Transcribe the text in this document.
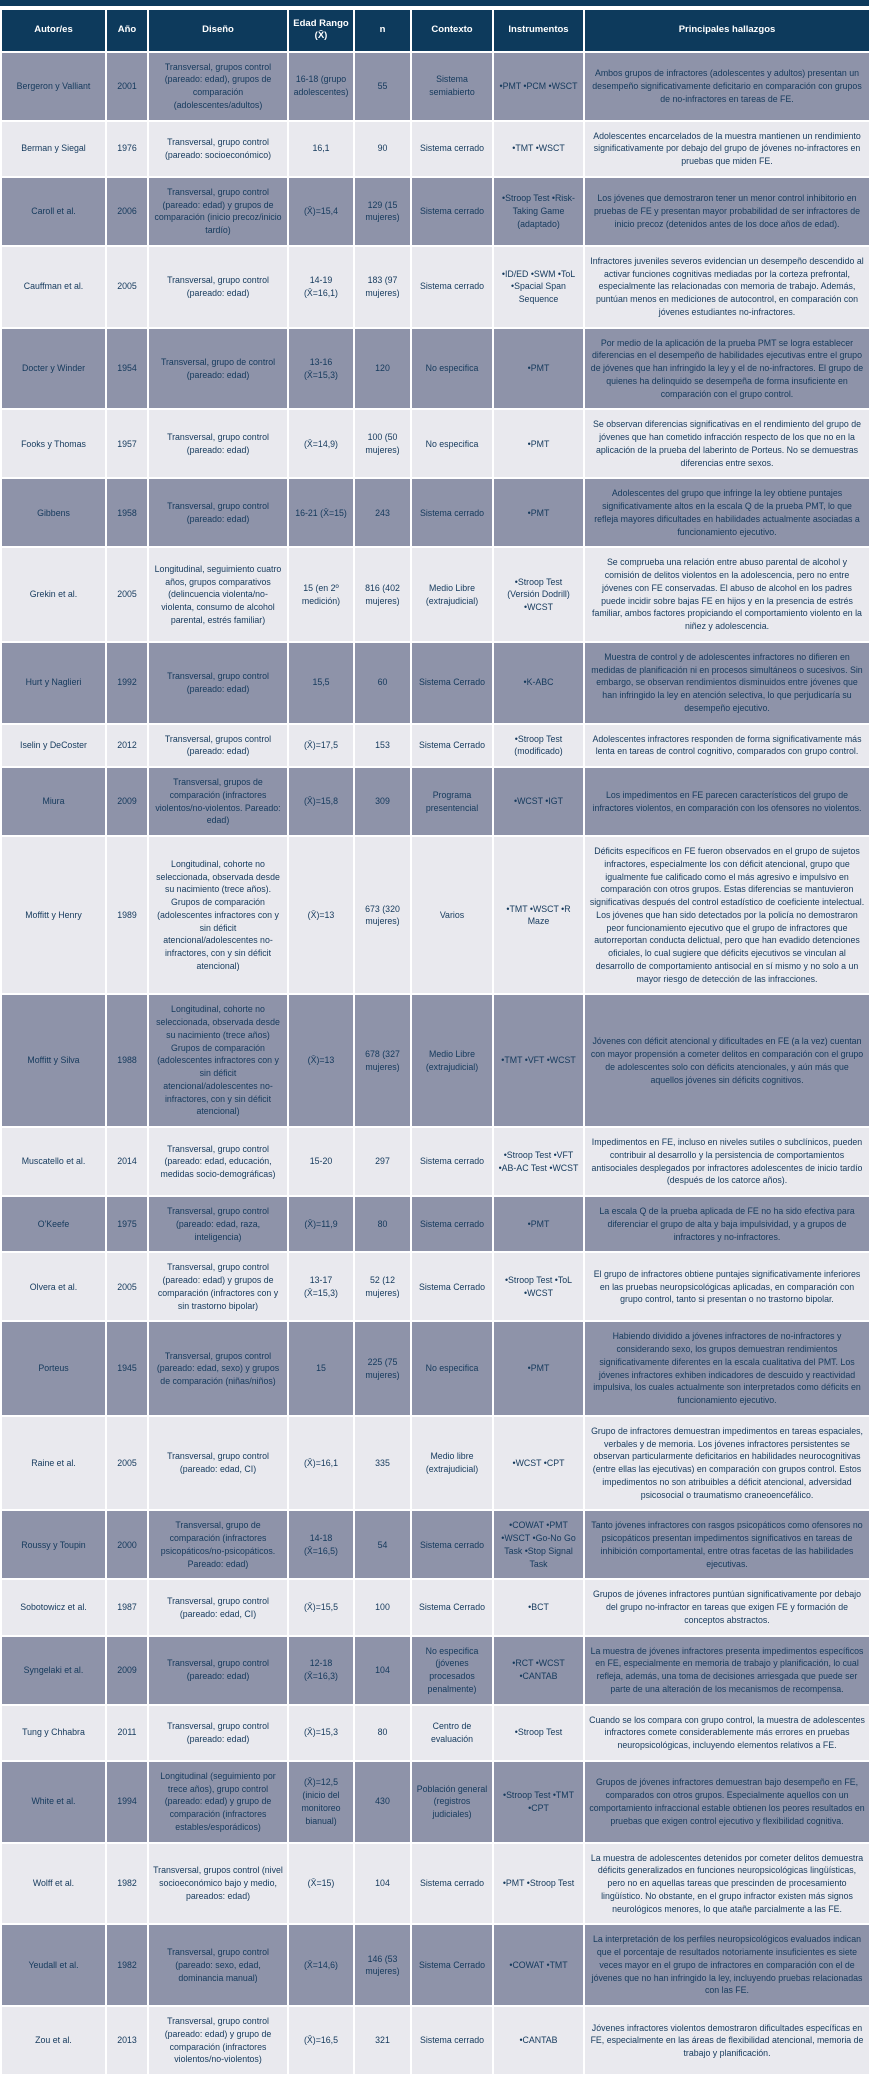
Autor/es	Año	Diseño	Edad Rango (X̄)	n	Contexto	Instrumentos	Principales hallazgos
Bergeron y Valliant	2001	Transversal, grupos control (pareado: edad), grupos de comparación (adolescentes/adultos)	16-18 (grupo adolescentes)	55	Sistema semiabierto	•PMT •PCM •WSCT	Ambos grupos de infractores (adolescentes y adultos) presentan un desempeño significativamente deficitario en comparación con grupos de no-infractores en tareas de FE.
Berman y Siegal	1976	Transversal, grupo control (pareado: socioeconómico)	16,1	90	Sistema cerrado	•TMT •WSCT	Adolescentes encarcelados de la muestra mantienen un rendimiento significativamente por debajo del grupo de jóvenes no-infractores en pruebas que miden FE.
Caroll et al.	2006	Transversal, grupo control (pareado: edad) y grupos de comparación (inicio precoz/inicio tardío)	(X̄)=15,4	129 (15 mujeres)	Sistema cerrado	•Stroop Test •Risk-Taking Game (adaptado)	Los jóvenes que demostraron tener un menor control inhibitorio en pruebas de FE y presentan mayor probabilidad de ser infractores de inicio precoz (detenidos antes de los doce años de edad).
Cauffman et al.	2005	Transversal, grupo control (pareado: edad)	14-19 (X̄=16,1)	183 (97 mujeres)	Sistema cerrado	•ID/ED •SWM •ToL •Spacial Span Sequence	Infractores juveniles severos evidencian un desempeño descendido al activar funciones cognitivas mediadas por la corteza prefrontal, especialmente las relacionadas con memoria de trabajo. Además, puntúan menos en mediciones de autocontrol, en comparación con jóvenes estudiantes no-infractores.
Docter y Winder	1954	Transversal, grupo de control (pareado: edad)	13-16 (X̄=15,3)	120	No especifica	•PMT	Por medio de la aplicación de la prueba PMT se logra establecer diferencias en el desempeño de habilidades ejecutivas entre el grupo de jóvenes que han infringido la ley y el de no-infractores. El grupo de quienes ha delinquido se desempeña de forma insuficiente en comparación con el grupo control.
Fooks y Thomas	1957	Transversal, grupo control (pareado: edad)	(X̄=14,9)	100 (50 mujeres)	No especifica	•PMT	Se observan diferencias significativas en el rendimiento del grupo de jóvenes que han cometido infracción respecto de los que no en la aplicación de la prueba del laberinto de Porteus. No se demuestras diferencias entre sexos.
Gibbens	1958	Transversal, grupo control (pareado: edad)	16-21 (X̄=15)	243	Sistema cerrado	•PMT	Adolescentes del grupo que infringe la ley obtiene puntajes significativamente altos en la escala Q de la prueba PMT, lo que refleja mayores dificultades en habilidades actualmente asociadas a funcionamiento ejecutivo.
Grekin et al.	2005	Longitudinal, seguimiento cuatro años, grupos comparativos (delincuencia violenta/no-violenta, consumo de alcohol parental, estrés familiar)	15 (en 2º medición)	816 (402 mujeres)	Medio Libre (extrajudicial)	•Stroop Test (Versión Dodrill) •WCST	Se comprueba una relación entre abuso parental de alcohol y comisión de delitos violentos en la adolescencia, pero no entre jóvenes con FE conservadas. El abuso de alcohol en los padres puede incidir sobre bajas FE en hijos y en la presencia de estrés familiar, ambos factores propiciando el comportamiento violento en la niñez y adolescencia.
Hurt y Naglieri	1992	Transversal, grupo control (pareado: edad)	15,5	60	Sistema Cerrado	•K-ABC	Muestra de control y de adolescentes infractores no difieren en medidas de planificación ni en procesos simultáneos o sucesivos. Sin embargo, se observan rendimientos disminuidos entre jóvenes que han infringido la ley en atención selectiva, lo que perjudicaría su desempeño ejecutivo.
Iselin y DeCoster	2012	Transversal, grupos control (pareado: edad)	(X̄)=17,5	153	Sistema Cerrado	•Stroop Test (modificado)	Adolescentes infractores responden de forma significativamente más lenta en tareas de control cognitivo, comparados con grupo control.
Miura	2009	Transversal, grupos de comparación (infractores violentos/no-violentos. Pareado: edad)	(X̄)=15,8	309	Programa presentencial	•WCST •IGT	Los impedimentos en FE parecen característicos del grupo de infractores violentos, en comparación con los ofensores no violentos.
Moffitt y Henry	1989	Longitudinal, cohorte no seleccionada, observada desde su nacimiento (trece años). Grupos de comparación (adolescentes infractores con y sin déficit atencional/adolescentes no-infractores, con y sin déficit atencional)	(X̄)=13	673 (320 mujeres)	Varios	•TMT •WSCT •R Maze	Déficits específicos en FE fueron observados en el grupo de sujetos infractores, especialmente los con déficit atencional, grupo que igualmente fue calificado como el más agresivo e impulsivo en comparación con otros grupos. Estas diferencias se mantuvieron significativas después del control estadístico de coeficiente intelectual. Los jóvenes que han sido detectados por la policía no demostraron peor funcionamiento ejecutivo que el grupo de infractores que autorreportan conducta delictual, pero que han evadido detenciones oficiales, lo cual sugiere que déficits ejecutivos se vinculan al desarrollo de comportamiento antisocial en sí mismo y no solo a un mayor riesgo de detección de las infracciones.
Moffitt y Silva	1988	Longitudinal, cohorte no seleccionada, observada desde su nacimiento (trece años) Grupos de comparación (adolescentes infractores con y sin déficit atencional/adolescentes no-infractores, con y sin déficit atencional)	(X̄)=13	678 (327 mujeres)	Medio Libre (extrajudicial)	•TMT •VFT •WCST	Jóvenes con déficit atencional y dificultades en FE (a la vez) cuentan con mayor propensión a cometer delitos en comparación con el grupo de adolescentes solo con déficits atencionales, y aún más que aquellos jóvenes sin déficits cognitivos.
Muscatello et al.	2014	Transversal, grupo control (pareado: edad, educación, medidas socio-demográficas)	15-20	297	Sistema cerrado	•Stroop Test •VFT •AB-AC Test •WCST	Impedimentos en FE, incluso en niveles sutiles o subclínicos, pueden contribuir al desarrollo y la persistencia de comportamientos antisociales desplegados por infractores adolescentes de inicio tardío (después de los catorce años).
O'Keefe	1975	Transversal, grupo control (pareado: edad, raza, inteligencia)	(X̄)=11,9	80	Sistema cerrado	•PMT	La escala Q de la prueba aplicada de FE no ha sido efectiva para diferenciar el grupo de alta y baja impulsividad, y a grupos de infractores y no-infractores.
Olvera et al.	2005	Transversal, grupo control (pareado: edad) y grupos de comparación (infractores con y sin trastorno bipolar)	13-17 (X̄=15,3)	52 (12 mujeres)	Sistema Cerrado	•Stroop Test •ToL •WCST	El grupo de infractores obtiene puntajes significativamente inferiores en las pruebas neuropsicológicas aplicadas, en comparación con grupo control, tanto si presentan o no trastorno bipolar.
Porteus	1945	Transversal, grupos control (pareado: edad, sexo) y grupos de comparación (niñas/niños)	15	225 (75 mujeres)	No especifica	•PMT	Habiendo dividido a jóvenes infractores de no-infractores y considerando sexo, los grupos demuestran rendimientos significativamente diferentes en la escala cualitativa del PMT. Los jóvenes infractores exhiben indicadores de descuido y reactividad impulsiva, los cuales actualmente son interpretados como déficits en funcionamiento ejecutivo.
Raine et al.	2005	Transversal, grupo control (pareado: edad, CI)	(X̄)=16,1	335	Medio libre (extrajudicial)	•WCST •CPT	Grupo de infractores demuestran impedimentos en tareas espaciales, verbales y de memoria. Los jóvenes infractores persistentes se observan particularmente deficitarios en habilidades neurocognitivas (entre ellas las ejecutivas) en comparación con grupos control. Estos impedimentos no son atribuibles a déficit atencional, adversidad psicosocial o traumatismo craneoencefálico.
Roussy y Toupin	2000	Transversal, grupo de comparación (infractores psicopáticos/no-psicopáticos. Pareado: edad)	14-18 (X̄=16,5)	54	Sistema cerrado	•COWAT •PMT •WSCT •Go-No Go Task •Stop Signal Task	Tanto jóvenes infractores con rasgos psicopáticos como ofensores no psicopáticos presentan impedimentos significativos en tareas de inhibición comportamental, entre otras facetas de las habilidades ejecutivas.
Sobotowicz et al.	1987	Transversal, grupo control (pareado: edad, CI)	(X̄)=15,5	100	Sistema Cerrado	•BCT	Grupos de jóvenes infractores puntúan significativamente por debajo del grupo no-infractor en tareas que exigen FE y formación de conceptos abstractos.
Syngelaki et al.	2009	Transversal, grupo control (pareado: edad)	12-18 (X̄=16,3)	104	No especifica (jóvenes procesados penalmente)	•RCT •WCST •CANTAB	La muestra de jóvenes infractores presenta impedimentos específicos en FE, especialmente en memoria de trabajo y planificación, lo cual refleja, además, una toma de decisiones arriesgada que puede ser parte de una alteración de los mecanismos de recompensa.
Tung y Chhabra	2011	Transversal, grupo control (pareado: edad)	(X̄)=15,3	80	Centro de evaluación	•Stroop Test	Cuando se los compara con grupo control, la muestra de adolescentes infractores comete considerablemente más errores en pruebas neuropsicológicas, incluyendo elementos relativos a FE.
White et al.	1994	Longitudinal (seguimiento por trece años), grupo control (pareado: edad) y grupo de comparación (infractores estables/esporádicos)	(X̄)=12,5 (inicio del monitoreo bianual)	430	Población general (registros judiciales)	•Stroop Test •TMT •CPT	Grupos de jóvenes infractores demuestran bajo desempeño en FE, comparados con otros grupos. Especialmente aquellos con un comportamiento infraccional estable obtienen los peores resultados en pruebas que exigen control ejecutivo y flexibilidad cognitiva.
Wolff et al.	1982	Transversal, grupos control (nivel socioeconómico bajo y medio, pareados: edad)	(X̄=15)	104	Sistema cerrado	•PMT •Stroop Test	La muestra de adolescentes detenidos por cometer delitos demuestra déficits generalizados en funciones neuropsicológicas lingüísticas, pero no en aquellas tareas que prescinden de procesamiento lingüístico. No obstante, en el grupo infractor existen más signos neurológicos menores, lo que atañe parcialmente a las FE.
Yeudall et al.	1982	Transversal, grupo control (pareado: sexo, edad, dominancia manual)	(X̄=14,6)	146 (53 mujeres)	Sistema Cerrado	•COWAT •TMT	La interpretación de los perfiles neuropsicológicos evaluados indican que el porcentaje de resultados notoriamente insuficientes es siete veces mayor en el grupo de infractores en comparación con el de jóvenes que no han infringido la ley, incluyendo pruebas relacionadas con las FE.
Zou et al.	2013	Transversal, grupo control (pareado: edad) y grupo de comparación (infractores violentos/no-violentos)	(X̄)=16,5	321	Sistema cerrado	•CANTAB	Jóvenes infractores violentos demostraron dificultades específicas en FE, especialmente en las áreas de flexibilidad atencional, memoria de trabajo y planificación.
